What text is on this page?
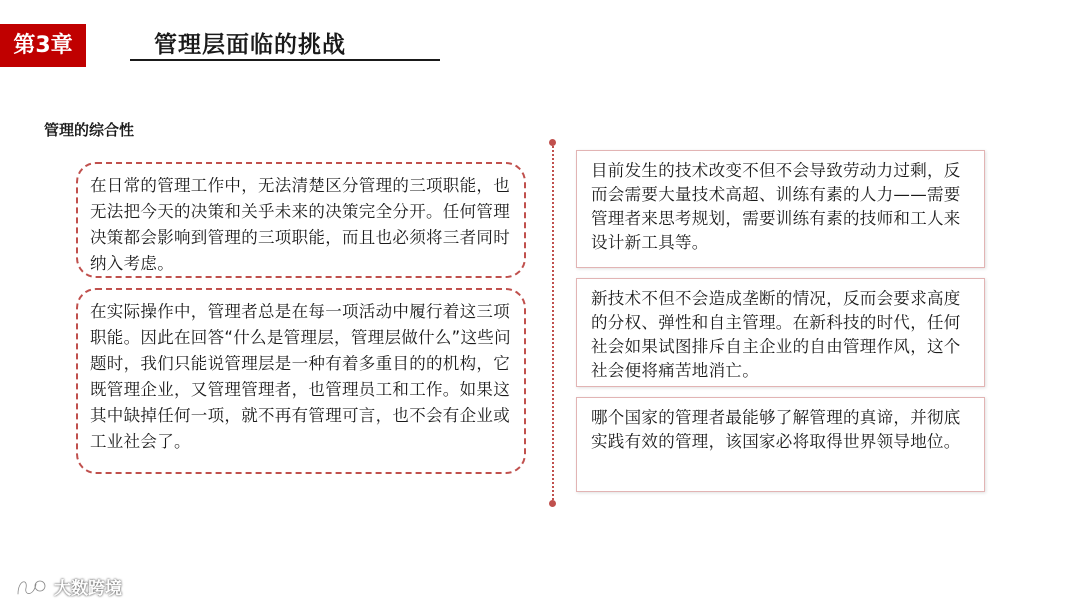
第3章	管理层面临的挑战
管理的综合性
在日常的管理工作中，无法清楚区分管理的三项职能，也无法把今天的决策和关乎未来的决策完全分开。任何管理决策都会影响到管理的三项职能，而且也必须将三者同时纳入考虑。
在实际操作中，管理者总是在每一项活动中履行着这三项职能。因此在回答“什么是管理层，管理层做什么”这些问题时，我们只能说管理层是一种有着多重目的的机构，它既管理企业，又管理管理者，也管理员工和工作。如果这其中缺掉任何一项，就不再有管理可言，也不会有企业或工业社会了。
目前发生的技术改变不但不会导致劳动力过剩，反而会需要大量技术高超、训练有素的人力——需要管理者来思考规划，需要训练有素的技师和工人来设计新工具等。
新技术不但不会造成垄断的情况，反而会要求高度的分权、弹性和自主管理。在新科技的时代，任何社会如果试图排斥自主企业的自由管理作风，这个社会便将痛苦地消亡。
哪个国家的管理者最能够了解管理的真谛，并彻底实践有效的管理，该国家必将取得世界领导地位。
大数跨境
